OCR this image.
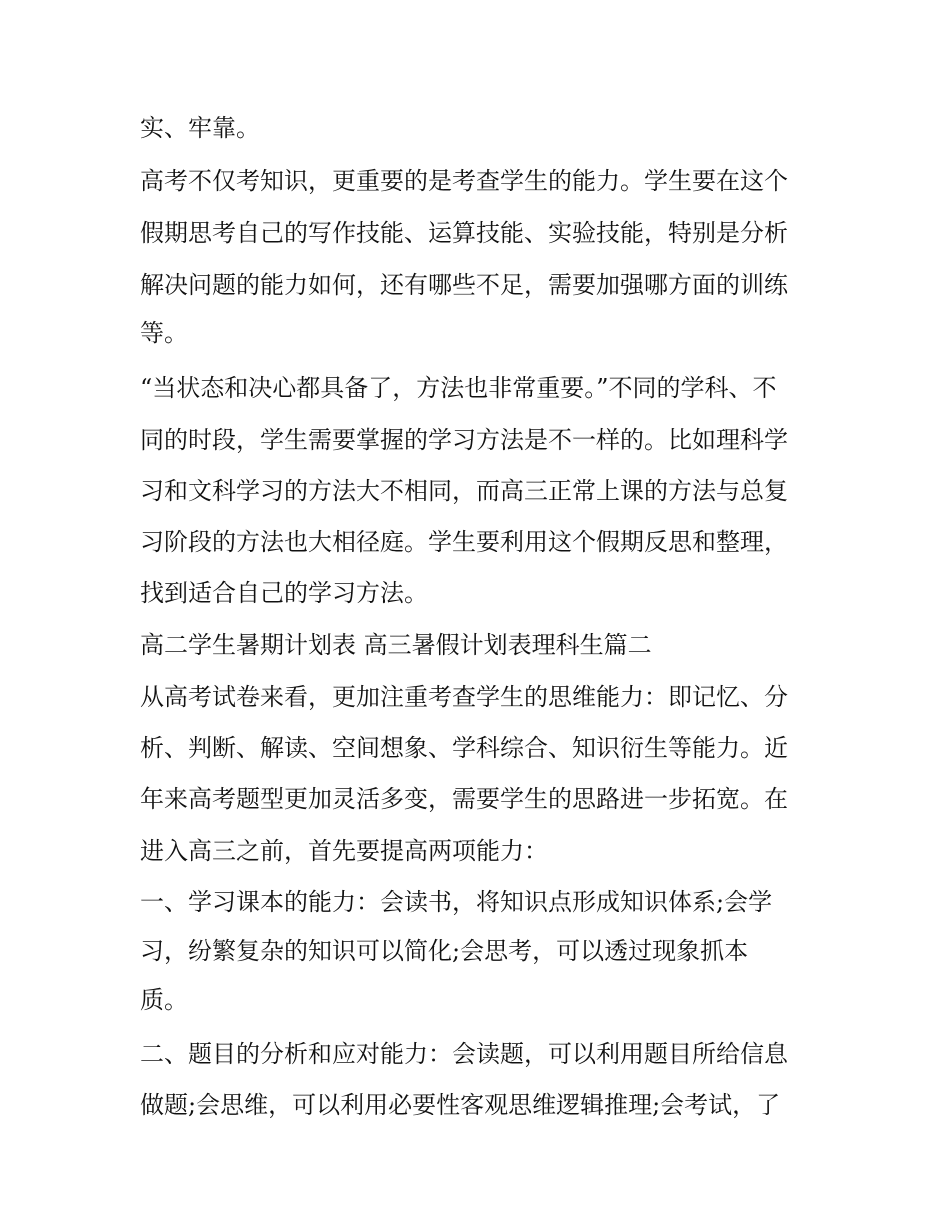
实、牢靠。
高考不仅考知识，更重要的是考查学生的能力。学生要在这个
假期思考自己的写作技能、运算技能、实验技能，特别是分析
解决问题的能力如何，还有哪些不足，需要加强哪方面的训练
等。
“当状态和决心都具备了，方法也非常重要。”不同的学科、不
同的时段，学生需要掌握的学习方法是不一样的。比如理科学
习和文科学习的方法大不相同，而高三正常上课的方法与总复
习阶段的方法也大相径庭。学生要利用这个假期反思和整理，
找到适合自己的学习方法。
高二学生暑期计划表 高三暑假计划表理科生篇二
从高考试卷来看，更加注重考查学生的思维能力：即记忆、分
析、判断、解读、空间想象、学科综合、知识衍生等能力。近
年来高考题型更加灵活多变，需要学生的思路进一步拓宽。在
进入高三之前，首先要提高两项能力：
一、学习课本的能力：会读书，将知识点形成知识体系;会学
习，纷繁复杂的知识可以简化;会思考，可以透过现象抓本
质。
二、题目的分析和应对能力：会读题，可以利用题目所给信息
做题;会思维，可以利用必要性客观思维逻辑推理;会考试，了
